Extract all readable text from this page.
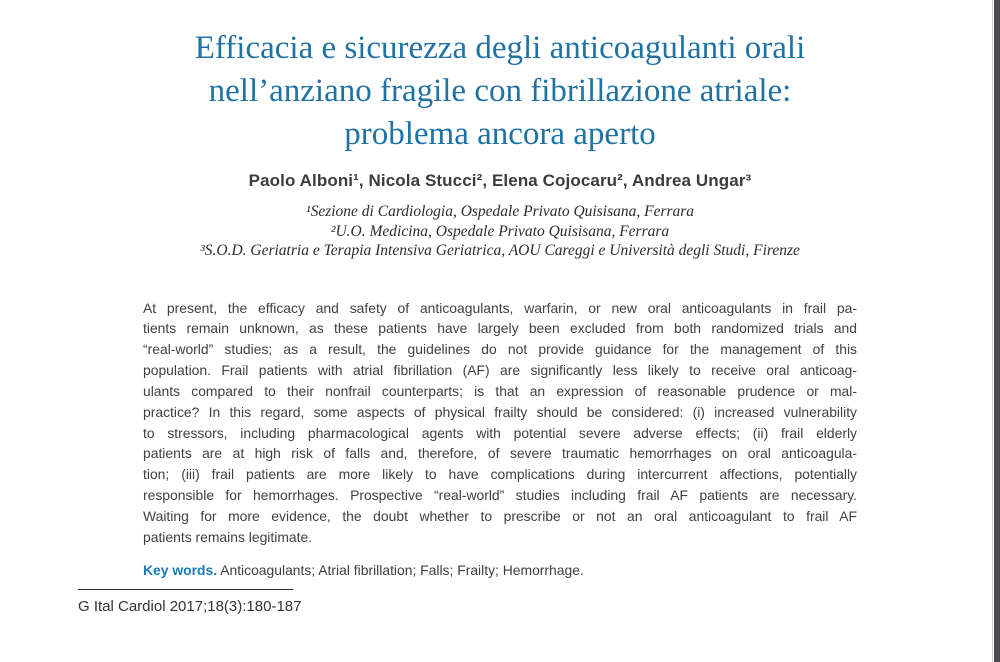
Efficacia e sicurezza degli anticoagulanti orali
nell’anziano fragile con fibrillazione atriale:
problema ancora aperto
Paolo Alboni¹, Nicola Stucci², Elena Cojocaru², Andrea Ungar³
¹Sezione di Cardiologia, Ospedale Privato Quisisana, Ferrara
²U.O. Medicina, Ospedale Privato Quisisana, Ferrara
³S.O.D. Geriatria e Terapia Intensiva Geriatrica, AOU Careggi e Università degli Studi, Firenze
At present, the efficacy and safety of anticoagulants, warfarin, or new oral anticoagulants in frail pa-
tients remain unknown, as these patients have largely been excluded from both randomized trials and
“real-world” studies; as a result, the guidelines do not provide guidance for the management of this
population. Frail patients with atrial fibrillation (AF) are significantly less likely to receive oral anticoag-
ulants compared to their nonfrail counterparts; is that an expression of reasonable prudence or mal-
practice? In this regard, some aspects of physical frailty should be considered: (i) increased vulnerability
to stressors, including pharmacological agents with potential severe adverse effects; (ii) frail elderly
patients are at high risk of falls and, therefore, of severe traumatic hemorrhages on oral anticoagula-
tion; (iii) frail patients are more likely to have complications during intercurrent affections, potentially
responsible for hemorrhages. Prospective “real-world” studies including frail AF patients are necessary.
Waiting for more evidence, the doubt whether to prescribe or not an oral anticoagulant to frail AF
patients remains legitimate.
Key words. Anticoagulants; Atrial fibrillation; Falls; Frailty; Hemorrhage.
G Ital Cardiol 2017;18(3):180-187
